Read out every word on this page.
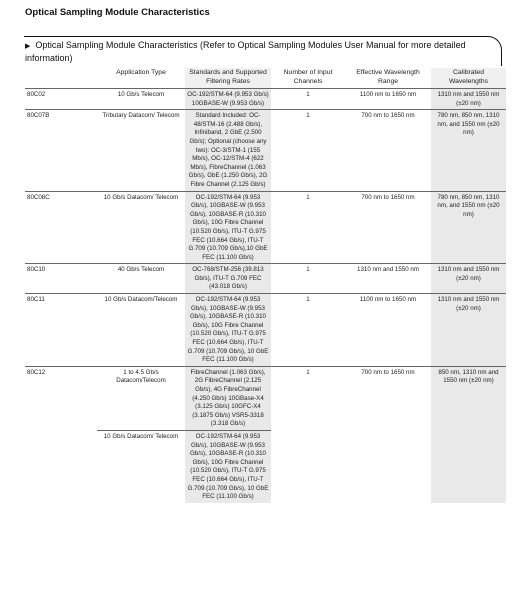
Optical Sampling Module Characteristics
▶ Optical Sampling Module Characteristics (Refer to Optical Sampling Modules User Manual for more detailed information)
	Application Type	Standards and Supported Filtering Rates	Number of Input Channels	Effective Wavelength Range	Calibrated Wavelengths
80C02	10 Gb/s Telecom	OC-192/STM-64 (9.953 Gb/s) 10GBASE-W (9.953 Gb/s)	1	1100 nm to 1650 nm	1310 nm and 1550 nm (±20 nm)
80C07B	Tributary Datacom/ Telecom	Standard Included: OC-48/STM-16 (2.488 Gb/s), Infiniband, 2 GbE (2.500 Gb/s); Optional (choose any two): OC-3/STM-1 (155 Mb/s), OC-12/STM-4 (622 Mb/s), FibreChannel (1.063 Gb/s), GbE (1.250 Gb/s), 2G Fibre Channel (2.125 Gb/s)	1	700 nm to 1650 nm	780 nm, 850 nm, 1310 nm, and 1550 nm (±20 nm)
80C08C	10 Gb/s Datacom/ Telecom	OC-192/STM-64 (9.953 Gb/s), 10GBASE-W (9.953 Gb/s), 10GBASE-R (10.310 Gb/s), 10G Fibre Channel (10.520 Gb/s), ITU-T G.975 FEC (10.664 Gb/s), ITU-T G.709 (10.709 Gb/s),10 GbE FEC (11.100 Gb/s)	1	700 nm to 1650 nm	780 nm, 850 nm, 1310 nm, and 1550 nm (±20 nm)
80C10	40 Gb/s Telecom	OC-768/STM-256 (39.813 Gb/s), ITU-T G.709 FEC (43.018 Gb/s)	1	1310 nm and 1550 nm	1310 nm and 1550 nm (±20 nm)
80C11	10 Gb/s Datacom/Telecom	OC-192/STM-64 (9.953 Gb/s), 10GBASE-W (9.953 Gb/s), 10GBASE-R (10.310 Gb/s), 10G Fibre Channel (10.520 Gb/s), ITU-T G.975 FEC (10.664 Gb/s), ITU-T G.709 (10.709 Gb/s), 10 GbE FEC (11.100 Gb/s)	1	1100 nm to 1650 nm	1310 nm and 1550 nm (±20 nm)
80C12	1 to 4.5 Gb/s Datacom/Telecom	FibreChannel (1.063 Gb/s), 2G FibreChannel (2.125 Gb/s), 4G FibreChannel (4.250 Gb/s) 10GBase-X4 (3.125 Gb/s) 10GFC-X4 (3.1875 Gb/s) VSR5-3318 (3.318 Gb/s)	1	700 nm to 1650 nm	850 nm, 1310 nm and 1550 nm (±20 nm)
	10 Gb/s Datacom/ Telecom	OC-192/STM-64 (9.953 Gb/s), 10GBASE-W (9.953 Gb/s), 10GBASE-R (10.310 Gb/s), 10G Fibre Channel (10.520 Gb/s), ITU-T G.975 FEC (10.664 Gb/s), ITU-T G.709 (10.709 Gb/s), 10 GbE FEC (11.100 Gb/s)			
